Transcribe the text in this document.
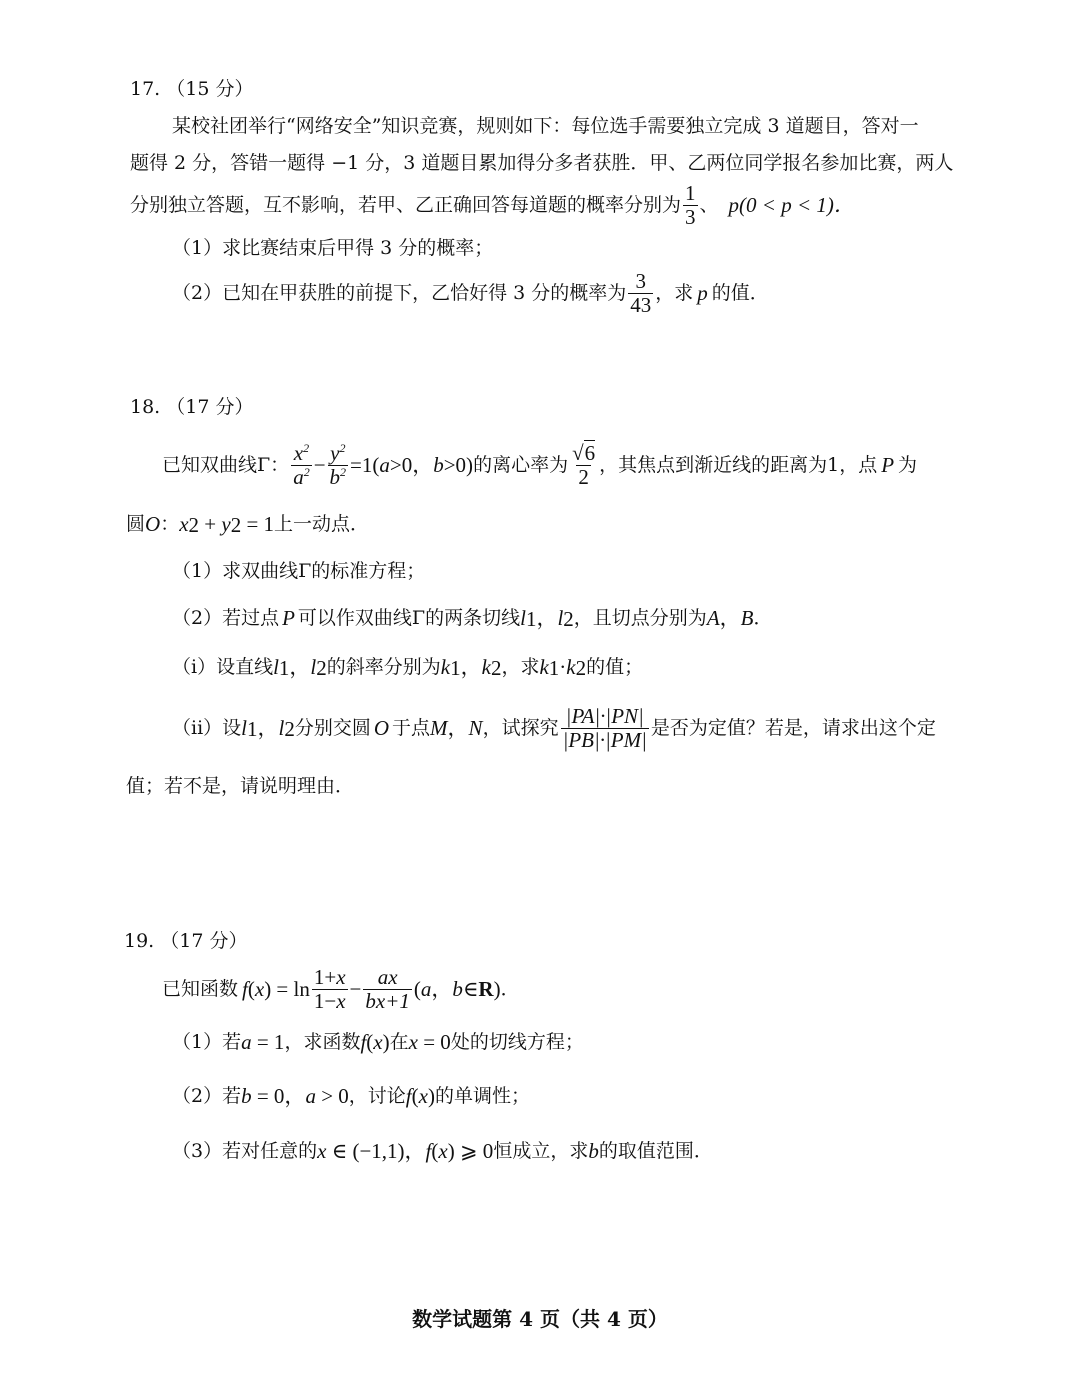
17. （15 分）
某校社团举行“网络安全”知识竞赛，规则如下：每位选手需要独立完成 3 道题目，答对一
题得 2 分，答错一题得 −1 分，3 道题目累加得分多者获胜．甲、乙两位同学报名参加比赛，两人
分别独立答题，互不影响，若甲、乙正确回答每道题的概率分别为 $\frac{1}{3}$ 、 p(0 < p < 1)．
（1）求比赛结束后甲得 3 分的概率；
（2）已知在甲获胜的前提下，乙恰好得 3 分的概率为 $\frac{3}{43}$ ，求 p 的值．
18. （17 分）
已知双曲线Γ： $\frac{x^2}{a^2} - \frac{y^2}{b^2} =1$( a >0， b >0) 的离心率为 $\frac{√6}{2}$ ，其焦点到渐近线的距离为1，点 P 为
圆 O ： x 2 + y 2 = 1 上一动点．
（1）求双曲线Γ的标准方程；
（2）若过点 P 可以作双曲线Γ的两条切线 l 1 ， l 2 ，且切点分别为 A ， B ．
（i）设直线 l 1 ， l 2 的斜率分别为 k 1 ， k 2 ，求 k 1 · k 2 的值；
（ii）设 l 1 ， l 2 分别交圆 O 于点 M ， N ，试探究 $\frac{|PA|\cdot|PN|}{|PB|\cdot|PM|}$ 是否为定值？若是，请求出这个定
值；若不是，请说明理由．
19. （17 分）
已知函数 f ( x ) = $\ln \frac{1+x}{1-x} - \frac{ax}{bx+1}$ ( a ， b ∈ R ) ．
（1）若 a = 1 ，求函数 f ( x ) 在 x = 0 处的切线方程；
（2）若 b = 0， a > 0 ，讨论 f ( x ) 的单调性；
（3）若对任意的 x ∈ (−1,1)， f ( x ) ⩾ 0 恒成立，求 b 的取值范围．
数学试题第 4 页（共 4 页）
